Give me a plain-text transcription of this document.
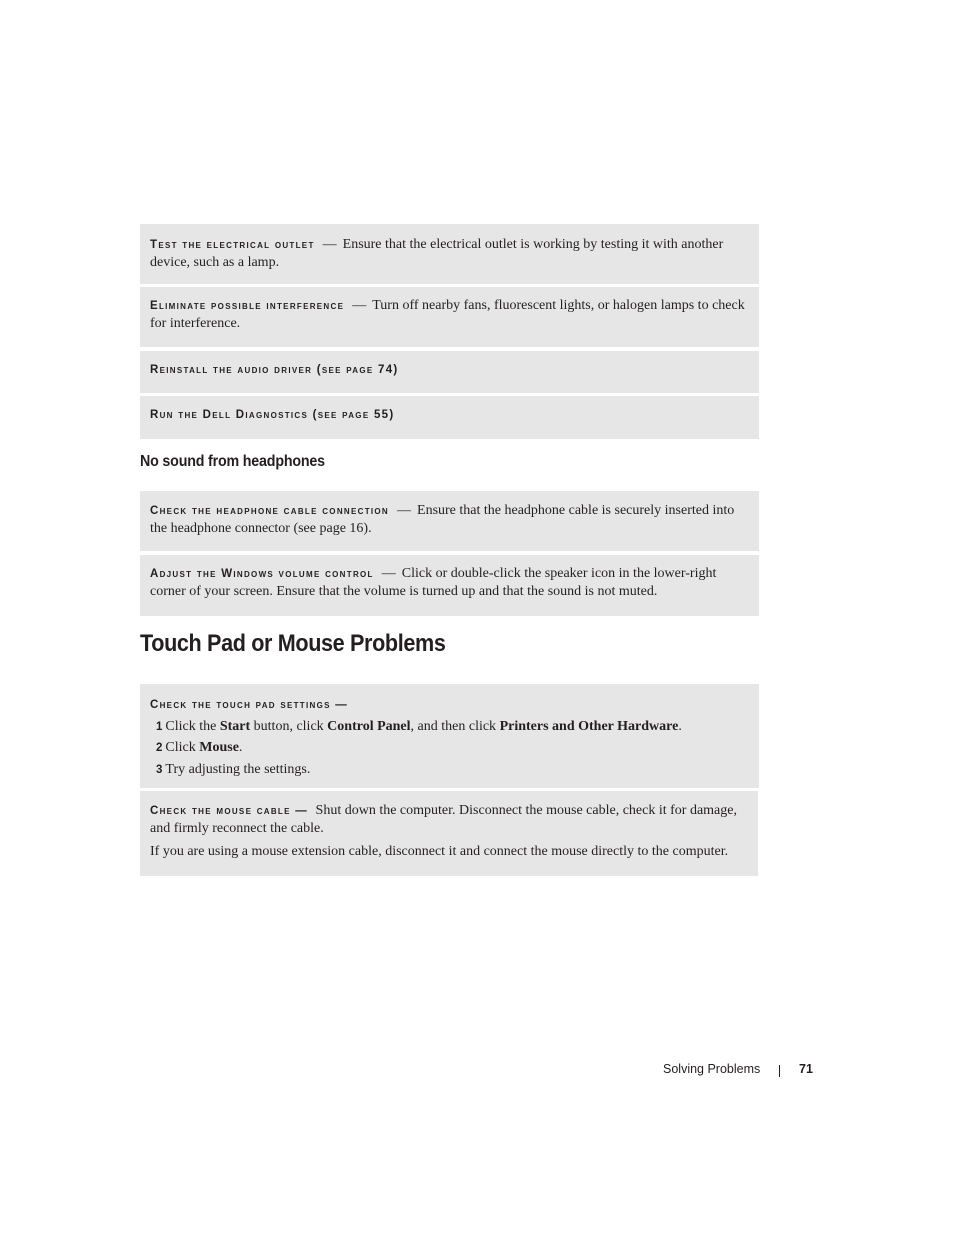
Test the electrical outlet — Ensure that the electrical outlet is working by testing it with another device, such as a lamp.

Eliminate possible interference — Turn off nearby fans, fluorescent lights, or halogen lamps to check for interference.

Reinstall the audio driver (see page 74)

Run the Dell Diagnostics (see page 55)

No sound from headphones

Check the headphone cable connection — Ensure that the headphone cable is securely inserted into the headphone connector (see page 16).

Adjust the Windows volume control — Click or double-click the speaker icon in the lower-right corner of your screen. Ensure that the volume is turned up and that the sound is not muted.

Touch Pad or Mouse Problems

Check the touch pad settings —

1 Click the Start button, click Control Panel, and then click Printers and Other Hardware.

2 Click Mouse.

3 Try adjusting the settings.

Check the mouse cable — Shut down the computer. Disconnect the mouse cable, check it for damage, and firmly reconnect the cable.

If you are using a mouse extension cable, disconnect it and connect the mouse directly to the computer.

Solving Problems	71
